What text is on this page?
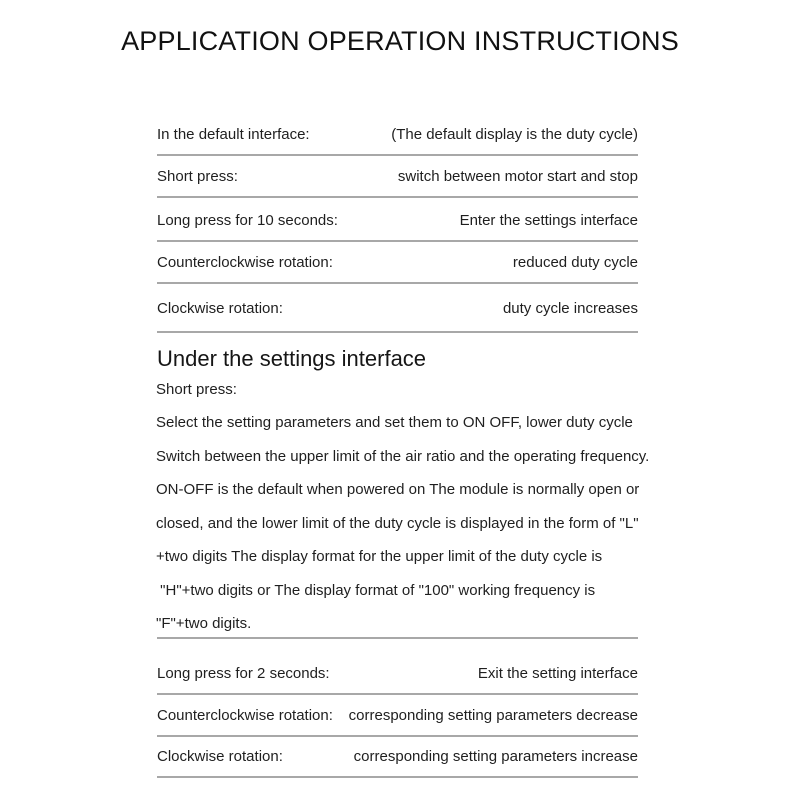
APPLICATION OPERATION INSTRUCTIONS
In the default interface:	(The default display is the duty cycle)
Short press:	switch between motor start and stop
Long press for 10 seconds:	Enter the settings interface
Counterclockwise rotation:	reduced duty cycle
Clockwise rotation:	duty cycle increases
Under the settings interface
Short press:
Select the setting parameters and set them to ON OFF, lower duty cycle
Switch between the upper limit of the air ratio and the operating frequency.
ON-OFF is the default when powered on The module is normally open or
closed, and the lower limit of the duty cycle is displayed in the form of "L"
+two digits The display format for the upper limit of the duty cycle is
"H"+two digits or The display format of "100" working frequency is
"F"+two digits.
Long press for 2 seconds:	Exit the setting interface
Counterclockwise rotation: corresponding setting parameters decrease
Clockwise rotation:	corresponding setting parameters increase
